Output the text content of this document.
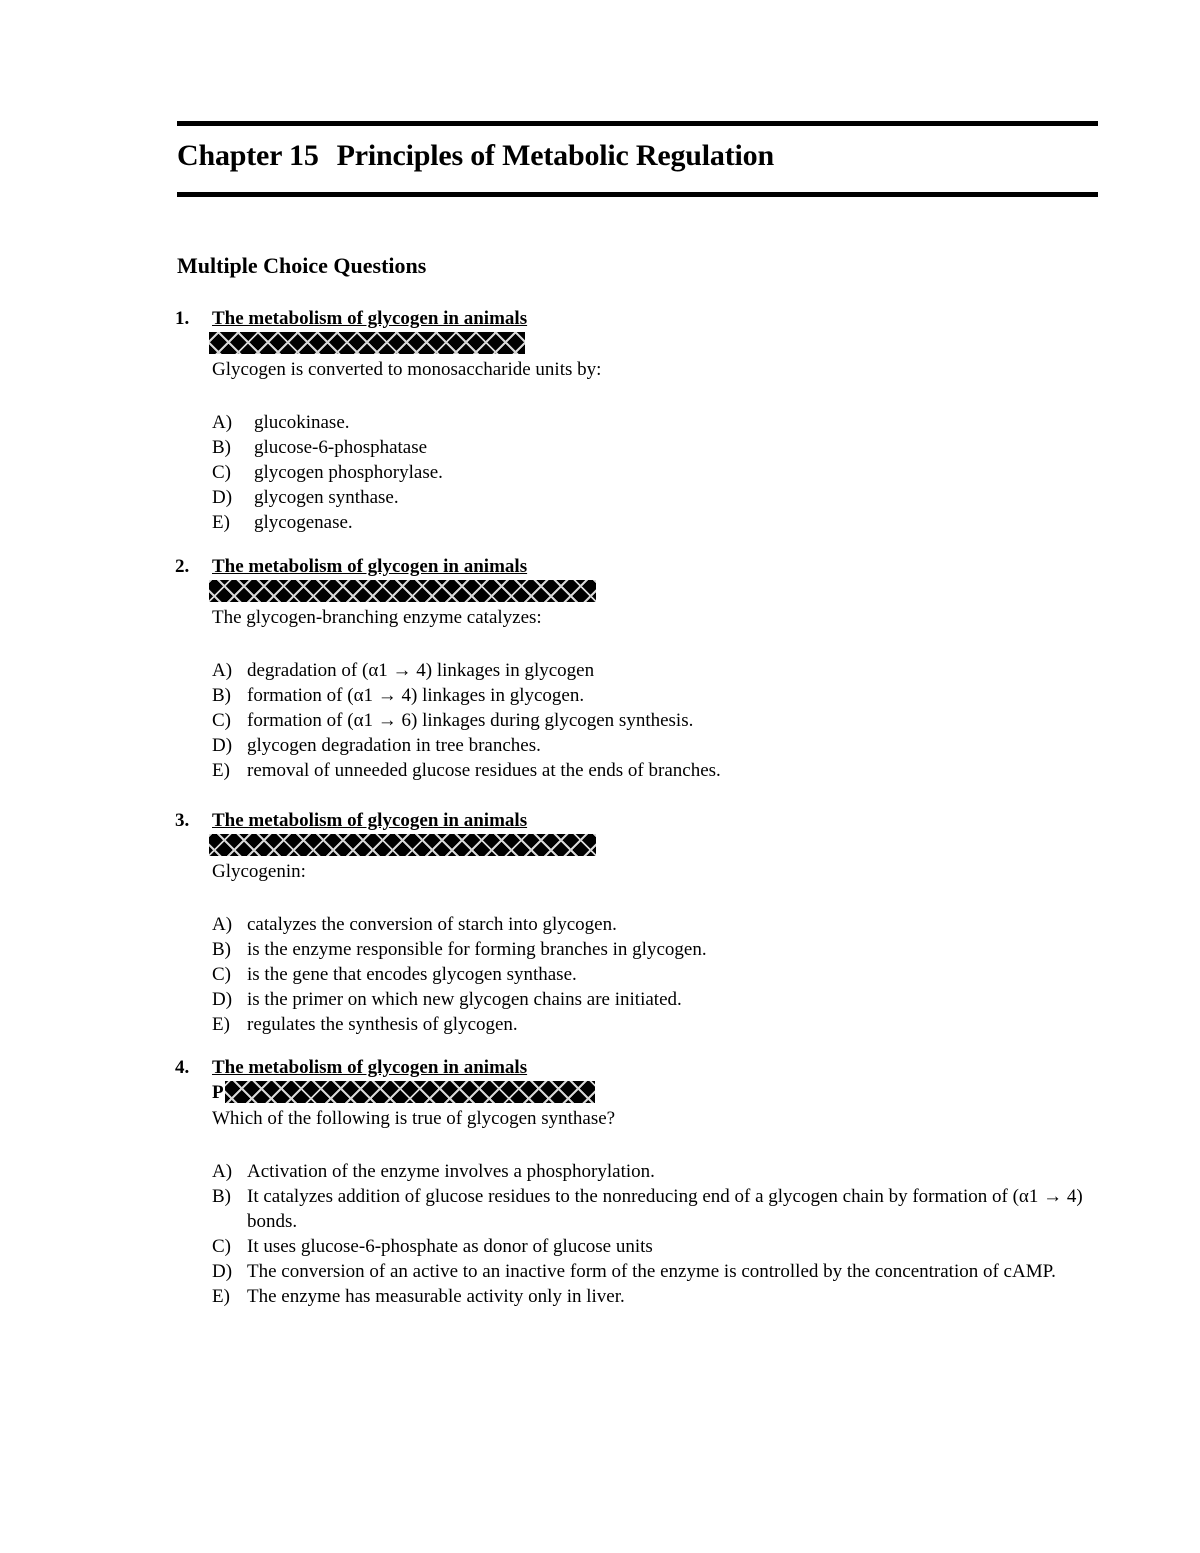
Chapter 15 Principles of Metabolic Regulation
Multiple Choice Questions
1. The metabolism of glycogen in animals
Glycogen is converted to monosaccharide units by:
A)	glucokinase.
B)	glucose-6-phosphatase
C)	glycogen phosphorylase.
D)	glycogen synthase.
E)	glycogenase.
2. The metabolism of glycogen in animals
The glycogen-branching enzyme catalyzes:
A) degradation of (α1 → 4) linkages in glycogen
B) formation of (α1 → 4) linkages in glycogen.
C) formation of (α1 → 6) linkages during glycogen synthesis.
D) glycogen degradation in tree branches.
E) removal of unneeded glucose residues at the ends of branches.
3. The metabolism of glycogen in animals
Glycogenin:
A) catalyzes the conversion of starch into glycogen.
B) is the enzyme responsible for forming branches in glycogen.
C) is the gene that encodes glycogen synthase.
D) is the primer on which new glycogen chains are initiated.
E) regulates the synthesis of glycogen.
4. The metabolism of glycogen in animals
P
Which of the following is true of glycogen synthase?
A) Activation of the enzyme involves a phosphorylation.
B) It catalyzes addition of glucose residues to the nonreducing end of a glycogen chain by formation of (α1 → 4) bonds.
C) It uses glucose-6-phosphate as donor of glucose units
D) The conversion of an active to an inactive form of the enzyme is controlled by the concentration of cAMP.
E) The enzyme has measurable activity only in liver.
